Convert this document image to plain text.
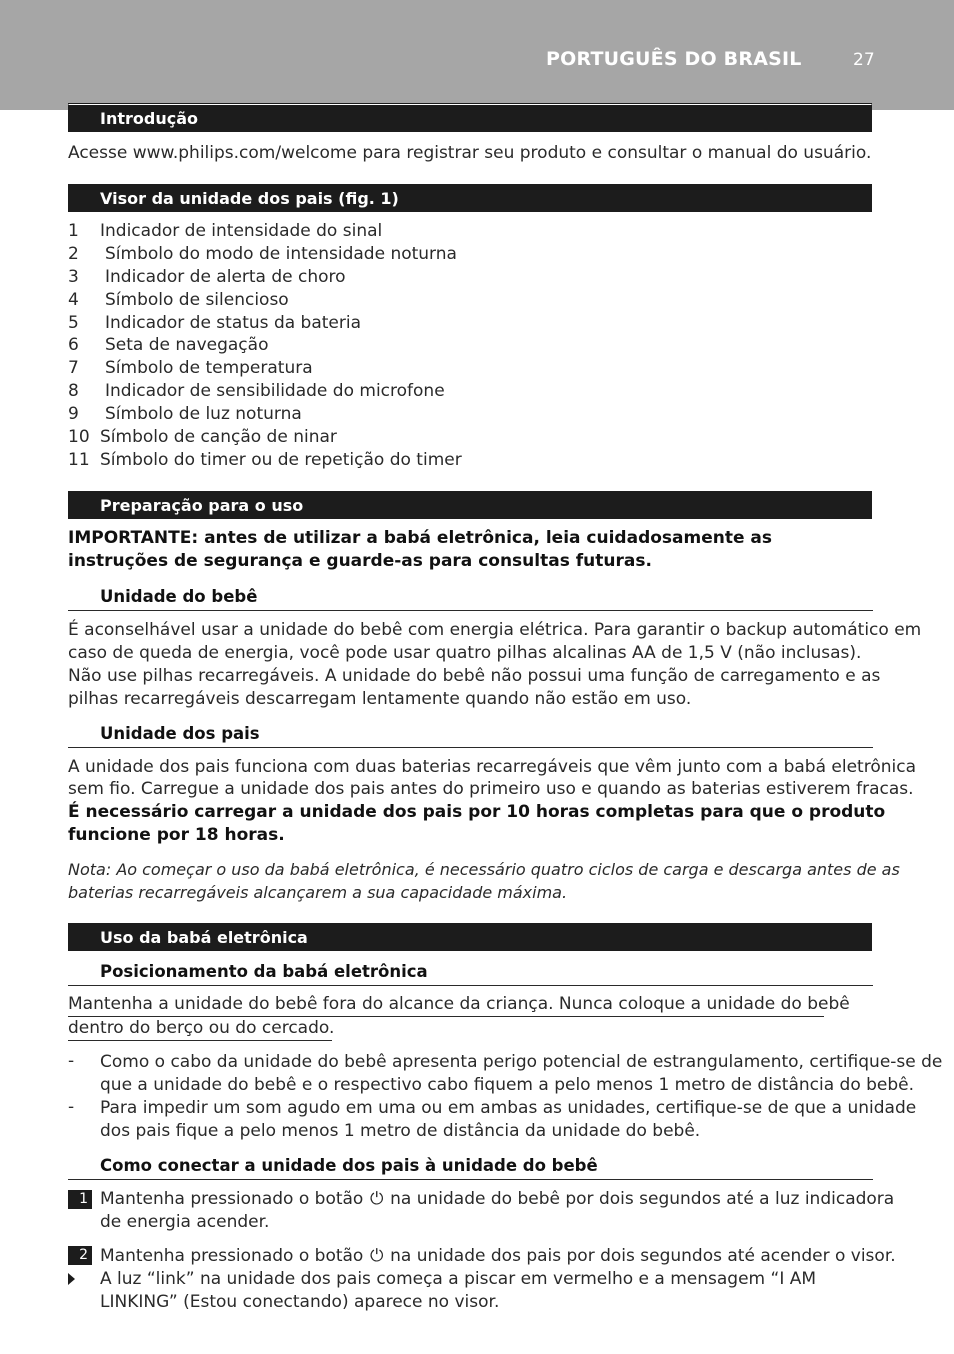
PORTUGUÊS DO BRASIL	27
Introdução
Acesse www.philips.com/welcome para registrar seu produto e consultar o manual do usuário.
Visor da unidade dos pais (fig. 1)
1 Indicador de intensidade do sinal
2 Símbolo do modo de intensidade noturna
3 Indicador de alerta de choro
4 Símbolo de silencioso
5 Indicador de status da bateria
6 Seta de navegação
7 Símbolo de temperatura
8 Indicador de sensibilidade do microfone
9 Símbolo de luz noturna
10 Símbolo de canção de ninar
11 Símbolo do timer ou de repetição do timer
Preparação para o uso
IMPORTANTE: antes de utilizar a babá eletrônica, leia cuidadosamente as
instruções de segurança e guarde-as para consultas futuras.
Unidade do bebê
É aconselhável usar a unidade do bebê com energia elétrica. Para garantir o backup automático em
caso de queda de energia, você pode usar quatro pilhas alcalinas AA de 1,5 V (não inclusas).
Não use pilhas recarregáveis. A unidade do bebê não possui uma função de carregamento e as
pilhas recarregáveis descarregam lentamente quando não estão em uso.
Unidade dos pais
A unidade dos pais funciona com duas baterias recarregáveis que vêm junto com a babá eletrônica
sem fio. Carregue a unidade dos pais antes do primeiro uso e quando as baterias estiverem fracas.
É necessário carregar a unidade dos pais por 10 horas completas para que o produto
funcione por 18 horas.
Nota: Ao começar o uso da babá eletrônica, é necessário quatro ciclos de carga e descarga antes de as
baterias recarregáveis alcançarem a sua capacidade máxima.
Uso da babá eletrônica
Posicionamento da babá eletrônica
Mantenha a unidade do bebê fora do alcance da criança. Nunca coloque a unidade do bebê
dentro do berço ou do cercado.
- Como o cabo da unidade do bebê apresenta perigo potencial de estrangulamento, certifique-se de
que a unidade do bebê e o respectivo cabo fiquem a pelo menos 1 metro de distância do bebê.
- Para impedir um som agudo em uma ou em ambas as unidades, certifique-se de que a unidade
dos pais fique a pelo menos 1 metro de distância da unidade do bebê.
Como conectar a unidade dos pais à unidade do bebê
1 Mantenha pressionado o botão ⏻ na unidade do bebê por dois segundos até a luz indicadora
de energia acender.
2 Mantenha pressionado o botão ⏻ na unidade dos pais por dois segundos até acender o visor.
A luz “link” na unidade dos pais começa a piscar em vermelho e a mensagem “I AM
LINKING” (Estou conectando) aparece no visor.
